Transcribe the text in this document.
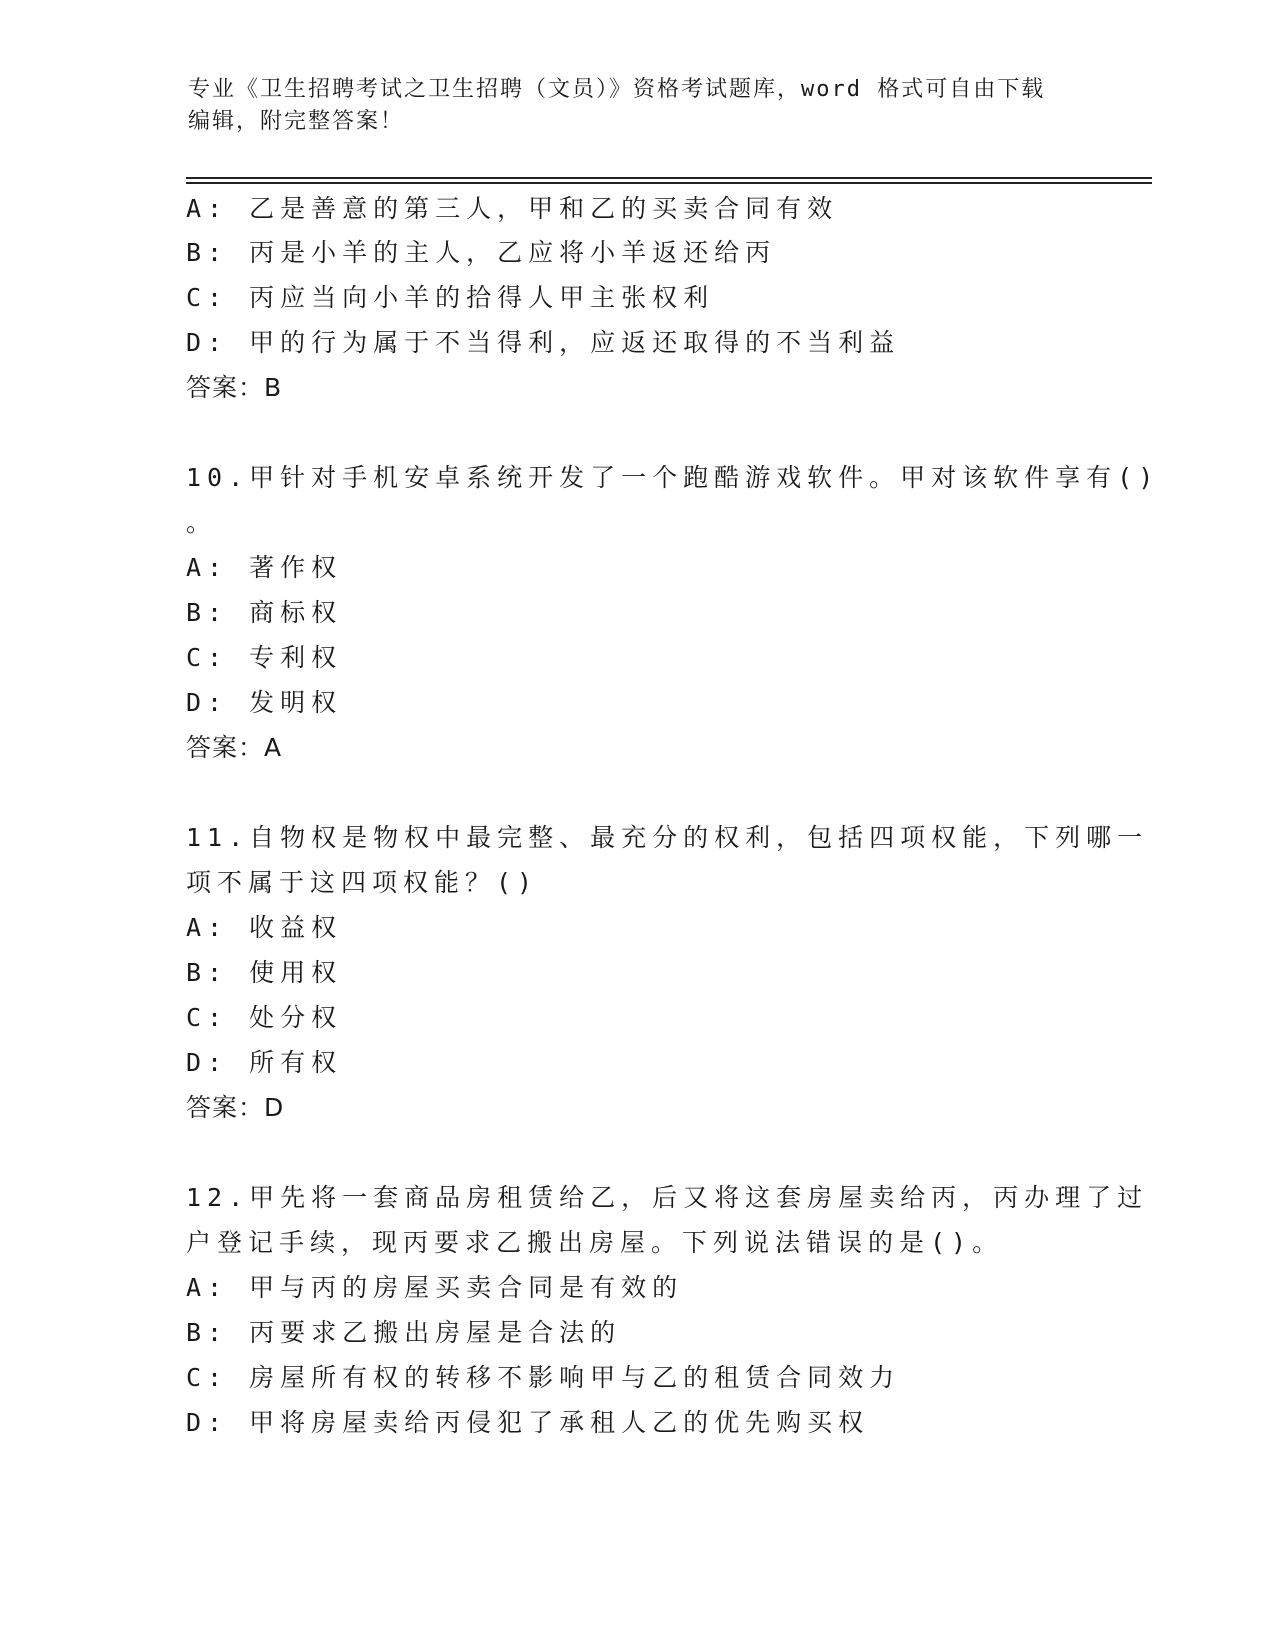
专业《卫生招聘考试之卫生招聘（文员）》资格考试题库，word 格式可自由下载
编辑，附完整答案！
A: 乙是善意的第三人，甲和乙的买卖合同有效
B: 丙是小羊的主人，乙应将小羊返还给丙
C: 丙应当向小羊的拾得人甲主张权利
D: 甲的行为属于不当得利，应返还取得的不当利益
答案：B
10.甲针对手机安卓系统开发了一个跑酷游戏软件。甲对该软件享有()
。
A: 著作权
B: 商标权
C: 专利权
D: 发明权
答案：A
11.自物权是物权中最完整、最充分的权利，包括四项权能，下列哪一
项不属于这四项权能？()
A: 收益权
B: 使用权
C: 处分权
D: 所有权
答案：D
12.甲先将一套商品房租赁给乙，后又将这套房屋卖给丙，丙办理了过
户登记手续，现丙要求乙搬出房屋。下列说法错误的是()。
A: 甲与丙的房屋买卖合同是有效的
B: 丙要求乙搬出房屋是合法的
C: 房屋所有权的转移不影响甲与乙的租赁合同效力
D: 甲将房屋卖给丙侵犯了承租人乙的优先购买权
